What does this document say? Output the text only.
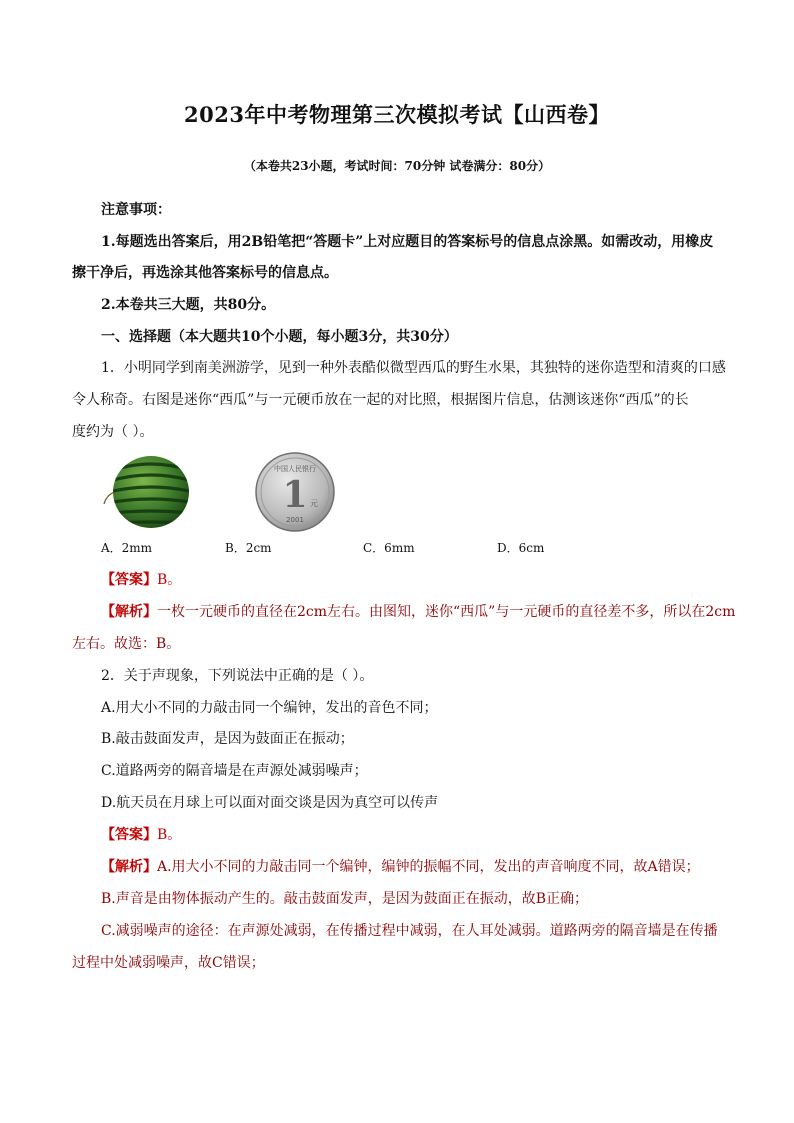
2023年中考物理第三次模拟考试【山西卷】
（本卷共23小题，考试时间：70分钟 试卷满分：80分）
注意事项：
1.每题选出答案后，用2B铅笔把“答题卡”上对应题目的答案标号的信息点涂黑。如需改动，用橡皮
擦干净后，再选涂其他答案标号的信息点。
2.本卷共三大题，共80分。
一、选择题（本大题共10个小题，每小题3分，共30分）
1．小明同学到南美洲游学，见到一种外表酷似微型西瓜的野生水果，其独特的迷你造型和清爽的口感
令人称奇。右图是迷你“西瓜”与一元硬币放在一起的对比照，根据图片信息，估测该迷你“西瓜”的长
度约为（ ）。
中国人民银行
1 元
2001
A．2mm	B．2cm	C．6mm	D．6cm
【答案】B。
【解析】一枚一元硬币的直径在2cm左右。由图知，迷你“西瓜”与一元硬币的直径差不多，所以在2cm
左右。故选：B。
2．关于声现象，下列说法中正确的是（ ）。
A.用大小不同的力敲击同一个编钟，发出的音色不同；
B.敲击鼓面发声，是因为鼓面正在振动；
C.道路两旁的隔音墙是在声源处减弱噪声；
D.航天员在月球上可以面对面交谈是因为真空可以传声
【答案】B。
【解析】A.用大小不同的力敲击同一个编钟，编钟的振幅不同，发出的声音响度不同，故A错误；
B.声音是由物体振动产生的。敲击鼓面发声，是因为鼓面正在振动，故B正确；
C.减弱噪声的途径：在声源处减弱，在传播过程中减弱，在人耳处减弱。道路两旁的隔音墙是在传播
过程中处减弱噪声，故C错误；
